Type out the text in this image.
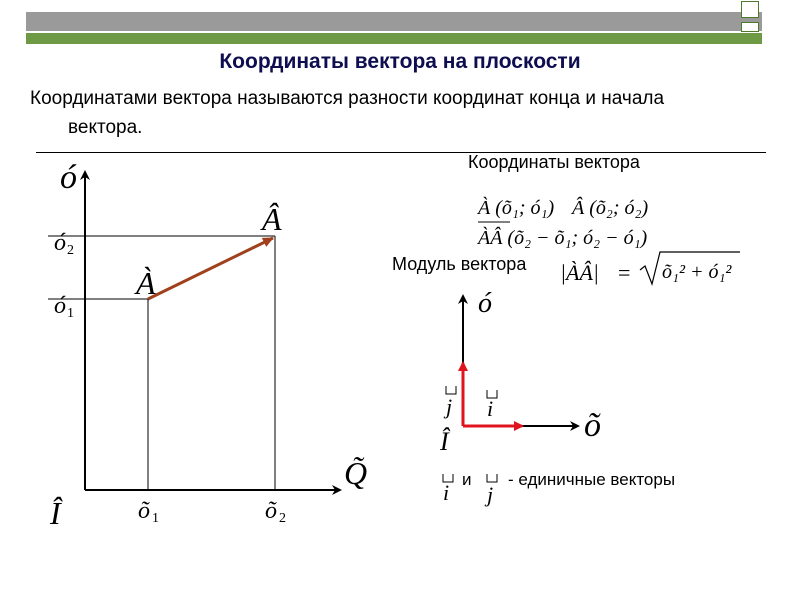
Координаты вектора на плоскости
Координатами вектора называются разности координат конца и начала
вектора.
Координаты вектора
Модуль вектора
и - единичные векторы
ó
Q̃
Î
ó 2
ó 1
õ 1	õ 2
À
Â	À (õ₁; ó₁) Â (õ₂; ó₂)
ÀÂ (õ₂ − õ₁; ó₂ − ó₁)
|ÀÂ| = õ₁² + ó₁²
ó
õ
Î
j i
i j
